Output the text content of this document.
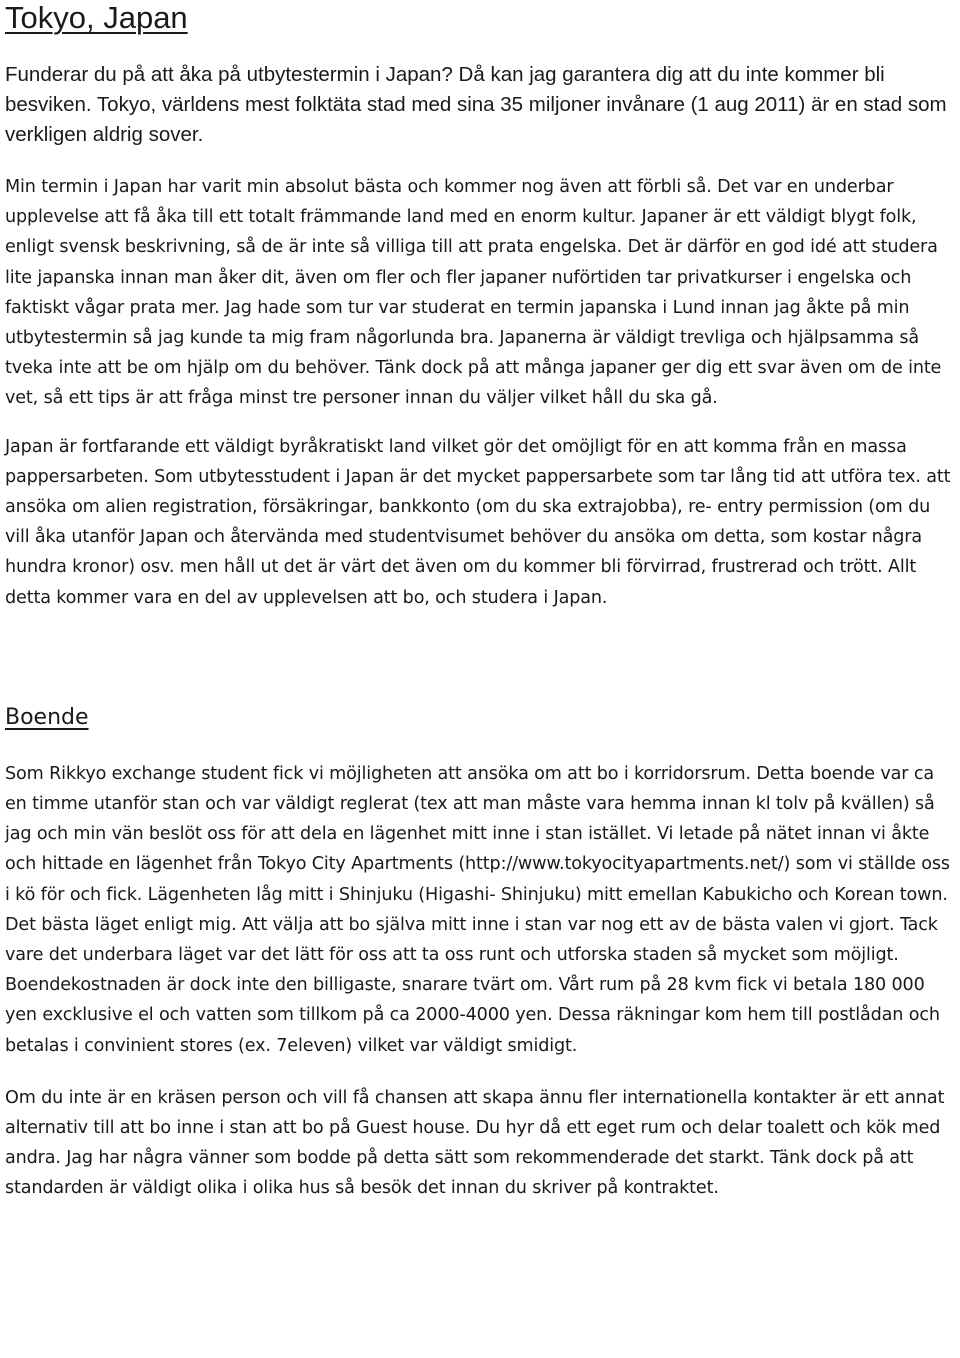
Tokyo, Japan

Funderar du på att åka på utbytestermin i Japan? Då kan jag garantera dig att du inte kommer bli besviken. Tokyo, världens mest folktäta stad med sina 35 miljoner invånare (1 aug 2011) är en stad som verkligen aldrig sover.

Min termin i Japan har varit min absolut bästa och kommer nog även att förbli så. Det var en underbar upplevelse att få åka till ett totalt främmande land med en enorm kultur. Japaner är ett väldigt blygt folk, enligt svensk beskrivning, så de är inte så villiga till att prata engelska. Det är därför en god idé att studera lite japanska innan man åker dit, även om fler och fler japaner nuförtiden tar privatkurser i engelska och faktiskt vågar prata mer. Jag hade som tur var studerat en termin japanska i Lund innan jag åkte på min utbytestermin så jag kunde ta mig fram någorlunda bra. Japanerna är väldigt trevliga och hjälpsamma så tveka inte att be om hjälp om du behöver. Tänk dock på att många japaner ger dig ett svar även om de inte vet, så ett tips är att fråga minst tre personer innan du väljer vilket håll du ska gå.

Japan är fortfarande ett väldigt byråkratiskt land vilket gör det omöjligt för en att komma från en massa pappersarbeten. Som utbytesstudent i Japan är det mycket pappersarbete som tar lång tid att utföra tex. att ansöka om alien registration, försäkringar, bankkonto (om du ska extrajobba), re- entry permission (om du vill åka utanför Japan och återvända med studentvisumet behöver du ansöka om detta, som kostar några hundra kronor) osv. men håll ut det är värt det även om du kommer bli förvirrad, frustrerad och trött. Allt detta kommer vara en del av upplevelsen att bo, och studera i Japan.

Boende

Som Rikkyo exchange student fick vi möjligheten att ansöka om att bo i korridorsrum. Detta boende var ca en timme utanför stan och var väldigt reglerat (tex att man måste vara hemma innan kl tolv på kvällen) så jag och min vän beslöt oss för att dela en lägenhet mitt inne i stan istället. Vi letade på nätet innan vi åkte och hittade en lägenhet från Tokyo City Apartments (http://www.tokyocityapartments.net/) som vi ställde oss i kö för och fick. Lägenheten låg mitt i Shinjuku (Higashi- Shinjuku) mitt emellan Kabukicho och Korean town. Det bästa läget enligt mig. Att välja att bo själva mitt inne i stan var nog ett av de bästa valen vi gjort. Tack vare det underbara läget var det lätt för oss att ta oss runt och utforska staden så mycket som möjligt. Boendekostnaden är dock inte den billigaste, snarare tvärt om. Vårt rum på 28 kvm fick vi betala 180 000 yen excklusive el och vatten som tillkom på ca 2000-4000 yen. Dessa räkningar kom hem till postlådan och betalas i convinient stores (ex. 7eleven) vilket var väldigt smidigt.

Om du inte är en kräsen person och vill få chansen att skapa ännu fler internationella kontakter är ett annat alternativ till att bo inne i stan att bo på Guest house. Du hyr då ett eget rum och delar toalett och kök med andra. Jag har några vänner som bodde på detta sätt som rekommenderade det starkt. Tänk dock på att standarden är väldigt olika i olika hus så besök det innan du skriver på kontraktet.
